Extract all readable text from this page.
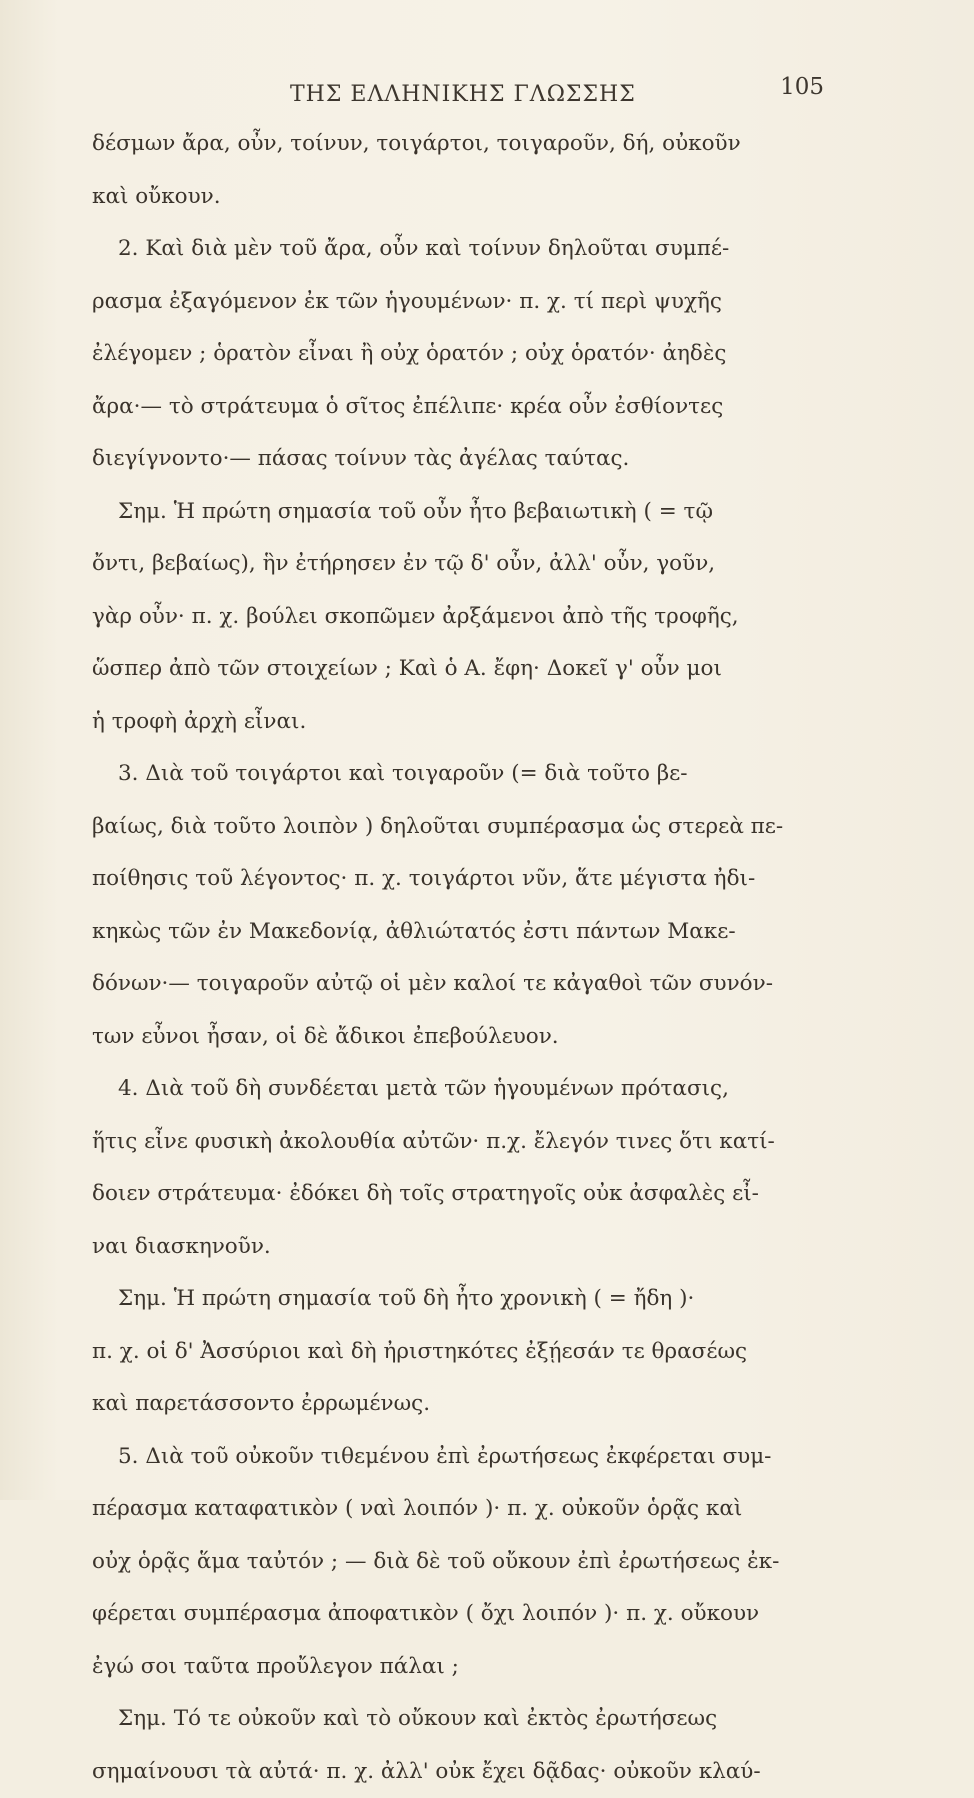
ΤΗΣ ΕΛΛΗΝΙΚΗΣ ΓΛΩΣΣΗΣ	105
δέσμων ἄρα, οὖν, τοίνυν, τοιγάρτοι, τοιγαροῦν, δή, οὐκοῦν
καὶ οὔκουν.
2. Καὶ διὰ μὲν τοῦ ἄρα, οὖν καὶ τοίνυν δηλοῦται συμπέ-
ρασμα ἐξαγόμενον ἐκ τῶν ἡγουμένων· π. χ. τί περὶ ψυχῆς
ἐλέγομεν ; ὁρατὸν εἶναι ἢ οὐχ ὁρατόν ; οὐχ ὁρατόν· ἀηδὲς
ἄρα·— τὸ στράτευμα ὁ σῖτος ἐπέλιπε· κρέα οὖν ἐσθίοντες
διεγίγνοντο·— πάσας τοίνυν τὰς ἀγέλας ταύτας.
Σημ. Ἡ πρώτη σημασία τοῦ οὖν ἦτο βεβαιωτικὴ ( = τῷ
ὄντι, βεβαίως), ἣν ἐτήρησεν ἐν τῷ δ' οὖν, ἀλλ' οὖν, γοῦν,
γὰρ οὖν· π. χ. βούλει σκοπῶμεν ἀρξάμενοι ἀπὸ τῆς τροφῆς,
ὥσπερ ἀπὸ τῶν στοιχείων ; Καὶ ὁ Α. ἔφη· Δοκεῖ γ' οὖν μοι
ἡ τροφὴ ἀρχὴ εἶναι.
3. Διὰ τοῦ τοιγάρτοι καὶ τοιγαροῦν (= διὰ τοῦτο βε-
βαίως, διὰ τοῦτο λοιπὸν ) δηλοῦται συμπέρασμα ὡς στερεὰ πε-
ποίθησις τοῦ λέγοντος· π. χ. τοιγάρτοι νῦν, ἅτε μέγιστα ἠδι-
κηκὼς τῶν ἐν Μακεδονίᾳ, ἀθλιώτατός ἐστι πάντων Μακε-
δόνων·— τοιγαροῦν αὐτῷ οἱ μὲν καλοί τε κἀγαθοὶ τῶν συνόν-
των εὖνοι ἦσαν, οἱ δὲ ἄδικοι ἐπεβούλευον.
4. Διὰ τοῦ δὴ συνδέεται μετὰ τῶν ἡγουμένων πρότασις,
ἥτις εἶνε φυσικὴ ἀκολουθία αὐτῶν· π.χ. ἔλεγόν τινες ὅτι κατί-
δοιεν στράτευμα· ἐδόκει δὴ τοῖς στρατηγοῖς οὐκ ἀσφαλὲς εἶ-
ναι διασκηνοῦν.
Σημ. Ἡ πρώτη σημασία τοῦ δὴ ἦτο χρονικὴ ( = ἤδη )·
π. χ. οἱ δ' Ἀσσύριοι καὶ δὴ ἠριστηκότες ἐξῄεσάν τε θρασέως
καὶ παρετάσσοντο ἐρρωμένως.
5. Διὰ τοῦ οὐκοῦν τιθεμένου ἐπὶ ἐρωτήσεως ἐκφέρεται συμ-
πέρασμα καταφατικὸν ( ναὶ λοιπόν )· π. χ. οὐκοῦν ὁρᾷς καὶ
οὐχ ὁρᾷς ἅμα ταὐτόν ; — διὰ δὲ τοῦ οὔκουν ἐπὶ ἐρωτήσεως ἐκ-
φέρεται συμπέρασμα ἀποφατικὸν ( ὄχι λοιπόν )· π. χ. οὔκουν
ἐγώ σοι ταῦτα προὔλεγον πάλαι ;
Σημ. Τό τε οὐκοῦν καὶ τὸ οὔκουν καὶ ἐκτὸς ἐρωτήσεως
σημαίνουσι τὰ αὐτά· π. χ. ἀλλ' οὐκ ἔχει δᾷδας· οὐκοῦν κλαύ-
